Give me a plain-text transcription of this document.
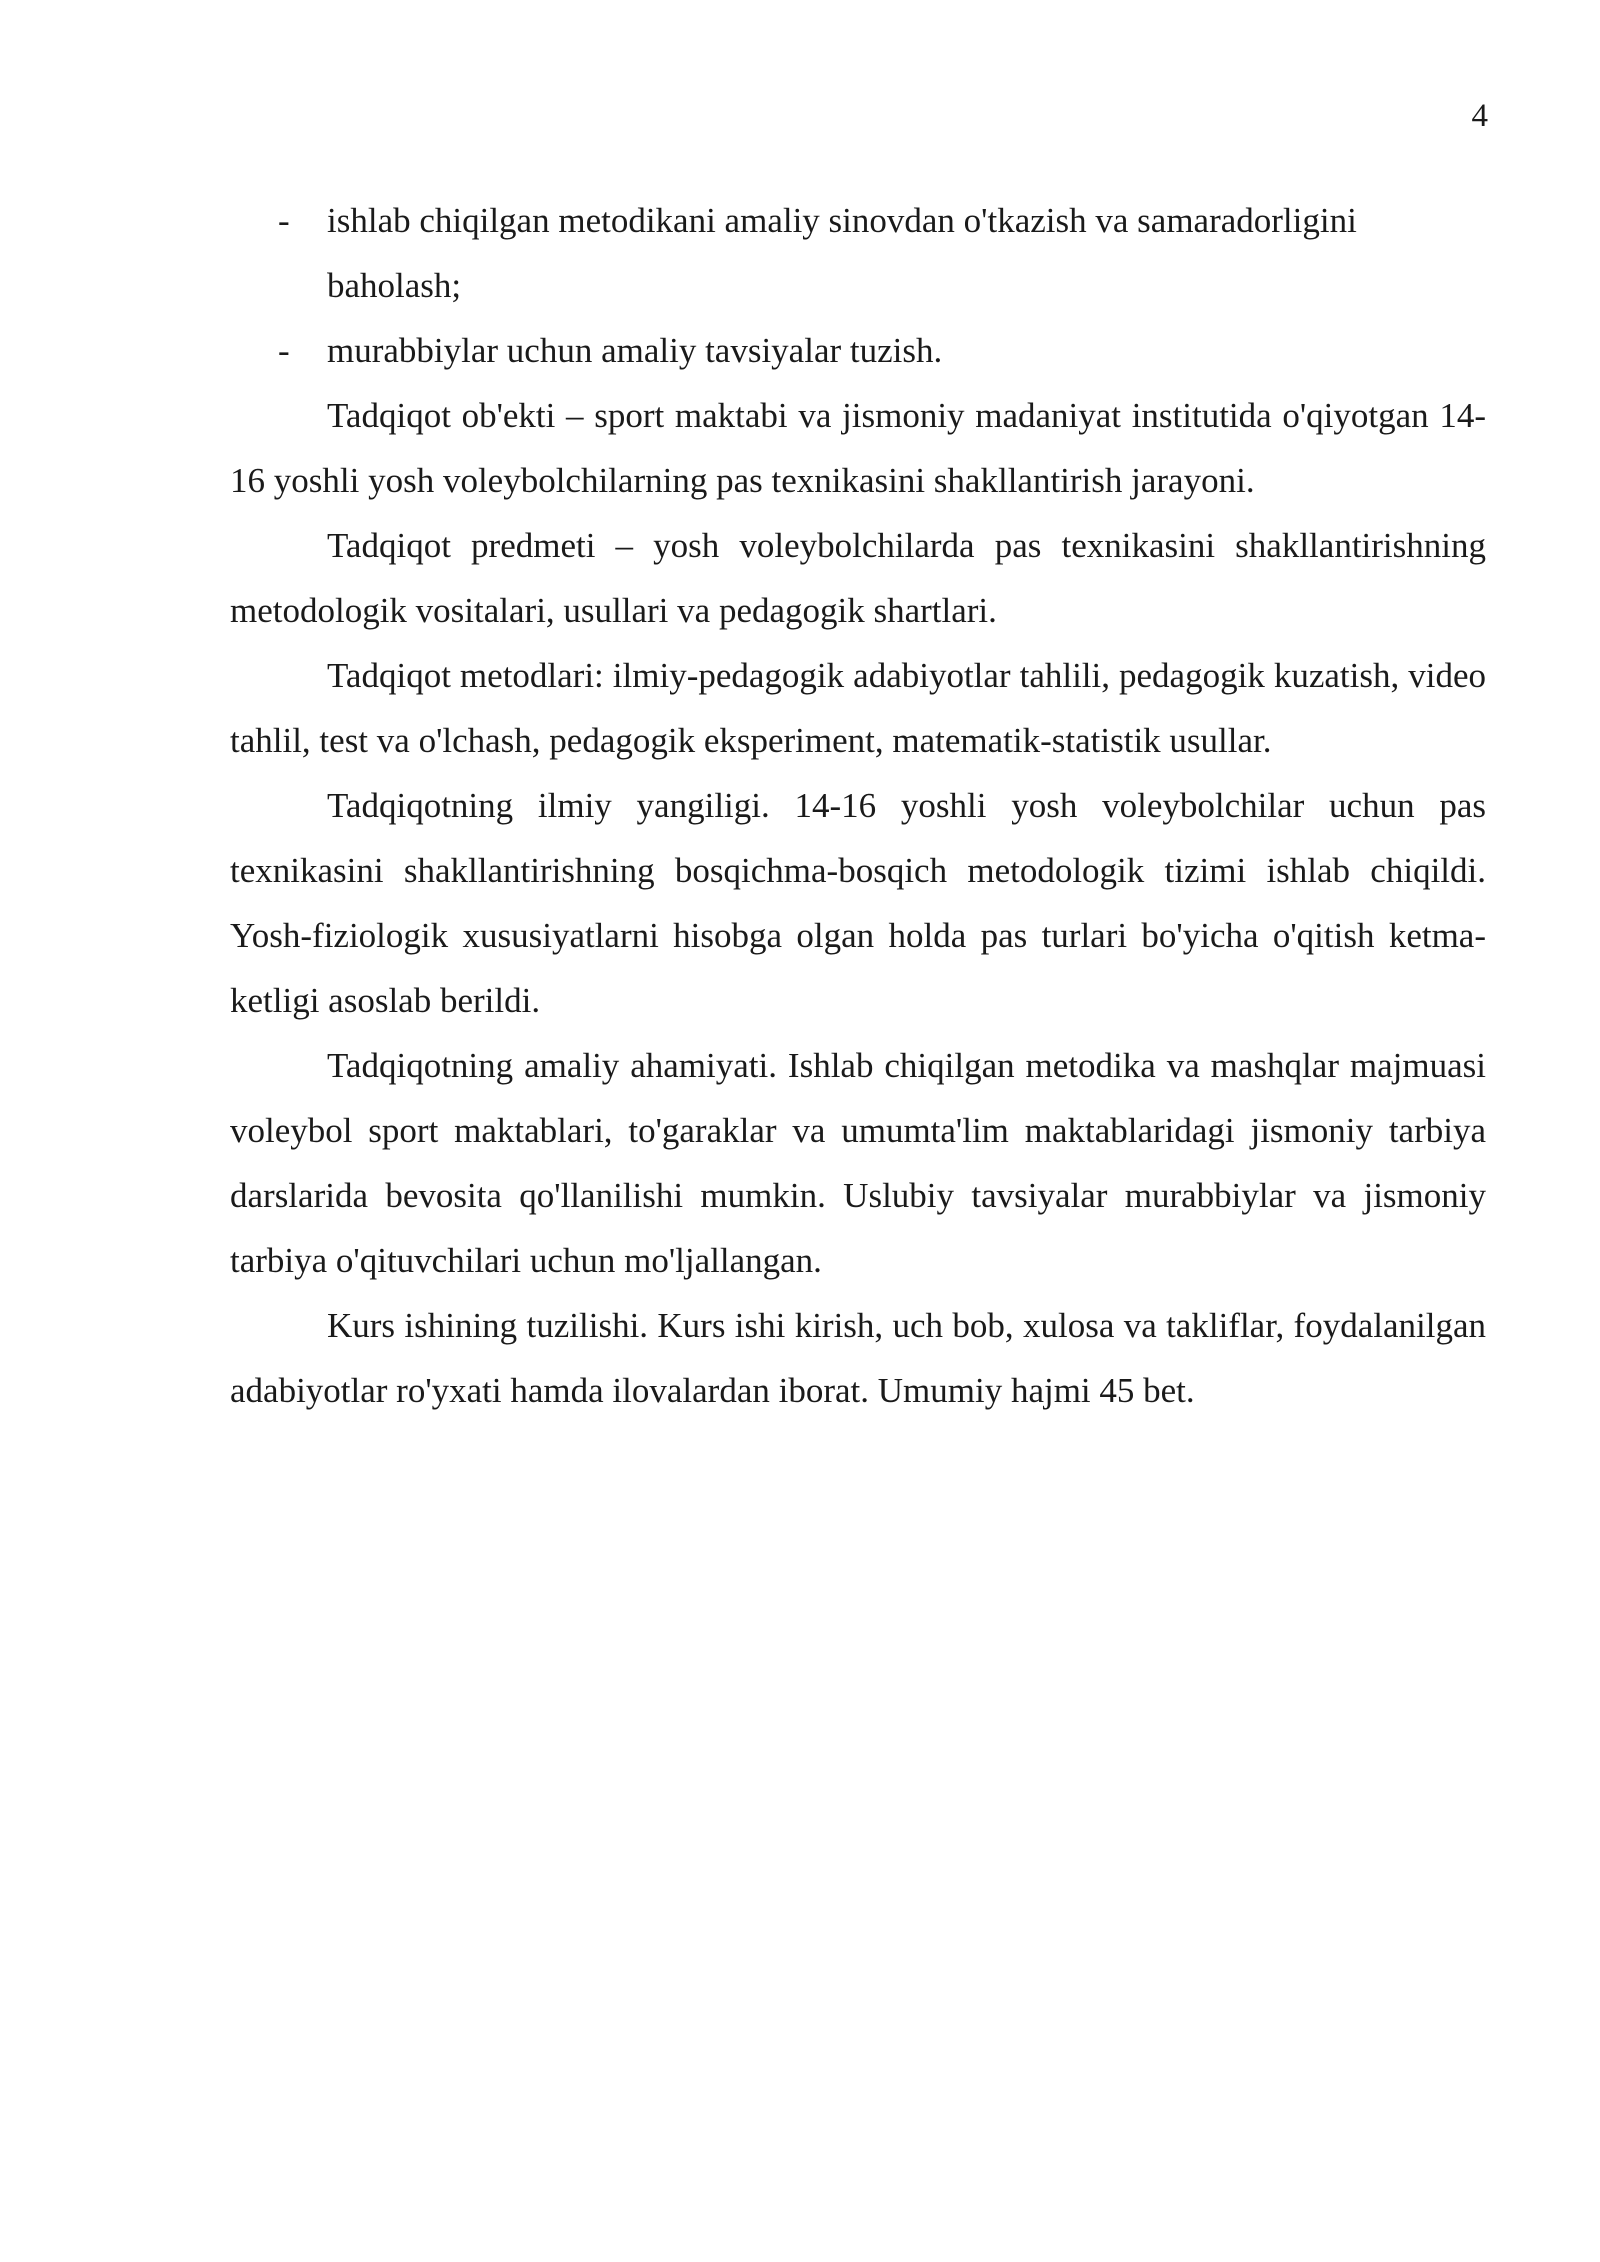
4
- ishlab chiqilgan metodikani amaliy sinovdan o'tkazish va samaradorligini baholash;
- murabbiylar uchun amaliy tavsiyalar tuzish.

Tadqiqot ob'ekti – sport maktabi va jismoniy madaniyat institutida o'qiyotgan 14-16 yoshli yosh voleybolchilarning pas texnikasini shakllantirish jarayoni.

Tadqiqot predmeti – yosh voleybolchilarda pas texnikasini shakllantirishning metodologik vositalari, usullari va pedagogik shartlari.

Tadqiqot metodlari: ilmiy-pedagogik adabiyotlar tahlili, pedagogik kuzatish, video tahlil, test va o'lchash, pedagogik eksperiment, matematik-statistik usullar.

Tadqiqotning ilmiy yangiligi. 14-16 yoshli yosh voleybolchilar uchun pas texnikasini shakllantirishning bosqichma-bosqich metodologik tizimi ishlab chiqildi. Yosh-fiziologik xususiyatlarni hisobga olgan holda pas turlari bo'yicha o'qitish ketma-ketligi asoslab berildi.

Tadqiqotning amaliy ahamiyati. Ishlab chiqilgan metodika va mashqlar majmuasi voleybol sport maktablari, to'garaklar va umumta'lim maktablaridagi jismoniy tarbiya darslarida bevosita qo'llanilishi mumkin. Uslubiy tavsiyalar murabbiylar va jismoniy tarbiya o'qituvchilari uchun mo'ljallangan.

Kurs ishining tuzilishi. Kurs ishi kirish, uch bob, xulosa va takliflar, foydalanilgan adabiyotlar ro'yxati hamda ilovalardan iborat. Umumiy hajmi 45 bet.
